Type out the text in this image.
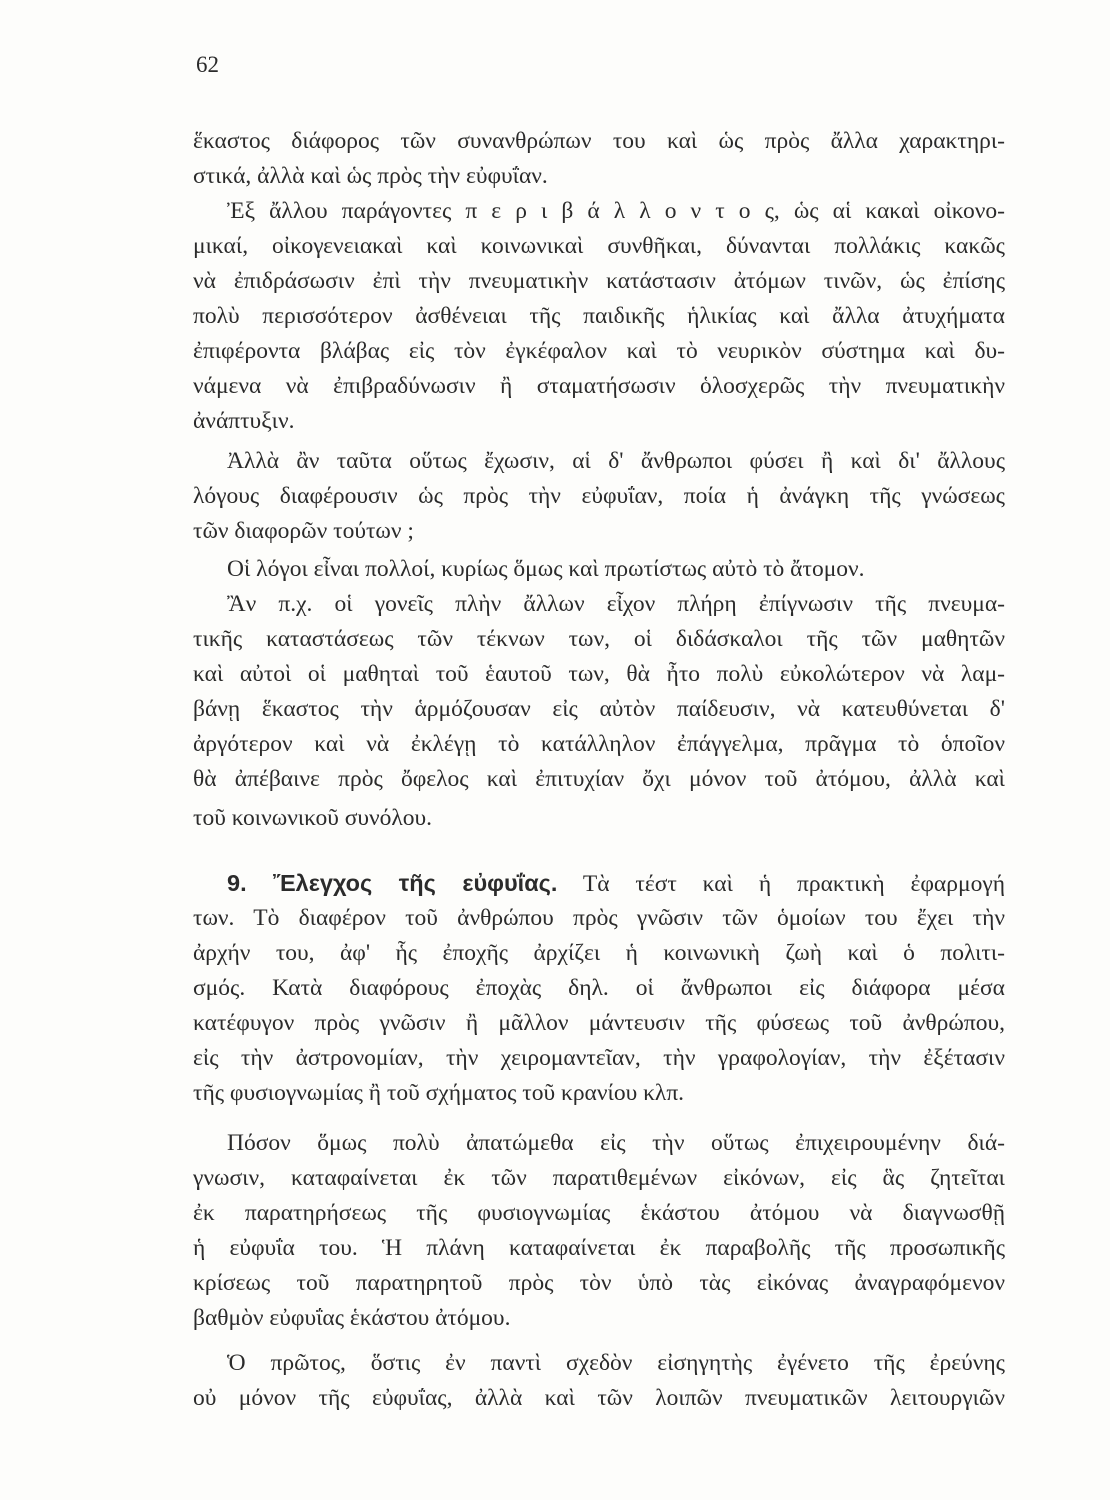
62
ἕκαστος διάφορος τῶν συνανθρώπων του καὶ ὡς πρὸς ἄλλα χαρακτηρι-
στικά, ἀλλὰ καὶ ὡς πρὸς τὴν εὐφυΐαν.
Ἐξ ἄλλου παράγοντες π ε ρ ι β ά λ λ ο ν τ ο ς, ὡς αἱ κακαὶ οἰκονο-
μικαί, οἰκογενειακαὶ καὶ κοινωνικαὶ συνθῆκαι, δύνανται πολλάκις κακῶς
νὰ ἐπιδράσωσιν ἐπὶ τὴν πνευματικὴν κατάστασιν ἀτόμων τινῶν, ὡς ἐπίσης
πολὺ περισσότερον ἀσθένειαι τῆς παιδικῆς ἡλικίας καὶ ἄλλα ἀτυχήματα
ἐπιφέροντα βλάβας εἰς τὸν ἐγκέφαλον καὶ τὸ νευρικὸν σύστημα καὶ δυ-
νάμενα νὰ ἐπιβραδύνωσιν ἢ σταματήσωσιν ὁλοσχερῶς τὴν πνευματικὴν
ἀνάπτυξιν.
Ἀλλὰ ἂν ταῦτα οὕτως ἔχωσιν, αἱ δ' ἄνθρωποι φύσει ἢ καὶ δι' ἄλλους
λόγους διαφέρουσιν ὡς πρὸς τὴν εὐφυΐαν, ποία ἡ ἀνάγκη τῆς γνώσεως
τῶν διαφορῶν τούτων ;
Οἱ λόγοι εἶναι πολλοί, κυρίως ὅμως καὶ πρωτίστως αὐτὸ τὸ ἄτομον.
Ἂν π.χ. οἱ γονεῖς πλὴν ἄλλων εἶχον πλήρη ἐπίγνωσιν τῆς πνευμα-
τικῆς καταστάσεως τῶν τέκνων των, οἱ διδάσκαλοι τῆς τῶν μαθητῶν
καὶ αὐτοὶ οἱ μαθηταὶ τοῦ ἑαυτοῦ των, θὰ ἦτο πολὺ εὐκολώτερον νὰ λαμ-
βάνῃ ἕκαστος τὴν ἁρμόζουσαν εἰς αὐτὸν παίδευσιν, νὰ κατευθύνεται δ'
ἀργότερον καὶ νὰ ἐκλέγῃ τὸ κατάλληλον ἐπάγγελμα, πρᾶγμα τὸ ὁποῖον
θὰ ἀπέβαινε πρὸς ὄφελος καὶ ἐπιτυχίαν ὄχι μόνον τοῦ ἀτόμου, ἀλλὰ καὶ
τοῦ κοινωνικοῦ συνόλου.
9. Ἔλεγχος τῆς εὐφυΐας. Τὰ τέστ καὶ ἡ πρακτικὴ ἐφαρμογή
των. Τὸ διαφέρον τοῦ ἀνθρώπου πρὸς γνῶσιν τῶν ὁμοίων του ἔχει τὴν
ἀρχήν του, ἀφ' ἧς ἐποχῆς ἀρχίζει ἡ κοινωνικὴ ζωὴ καὶ ὁ πολιτι-
σμός. Κατὰ διαφόρους ἐποχὰς δηλ. οἱ ἄνθρωποι εἰς διάφορα μέσα
κατέφυγον πρὸς γνῶσιν ἢ μᾶλλον μάντευσιν τῆς φύσεως τοῦ ἀνθρώπου,
εἰς τὴν ἀστρονομίαν, τὴν χειρομαντεῖαν, τὴν γραφολογίαν, τὴν ἐξέτασιν
τῆς φυσιογνωμίας ἢ τοῦ σχήματος τοῦ κρανίου κλπ.
Πόσον ὅμως πολὺ ἀπατώμεθα εἰς τὴν οὕτως ἐπιχειρουμένην διά-
γνωσιν, καταφαίνεται ἐκ τῶν παρατιθεμένων εἰκόνων, εἰς ἃς ζητεῖται
ἐκ παρατηρήσεως τῆς φυσιογνωμίας ἑκάστου ἀτόμου νὰ διαγνωσθῇ
ἡ εὐφυΐα του. Ἡ πλάνη καταφαίνεται ἐκ παραβολῆς τῆς προσωπικῆς
κρίσεως τοῦ παρατηρητοῦ πρὸς τὸν ὑπὸ τὰς εἰκόνας ἀναγραφόμενον
βαθμὸν εὐφυΐας ἑκάστου ἀτόμου.
Ὁ πρῶτος, ὅστις ἐν παντὶ σχεδὸν εἰσηγητὴς ἐγένετο τῆς ἐρεύνης
οὐ μόνον τῆς εὐφυΐας, ἀλλὰ καὶ τῶν λοιπῶν πνευματικῶν λειτουργιῶν
